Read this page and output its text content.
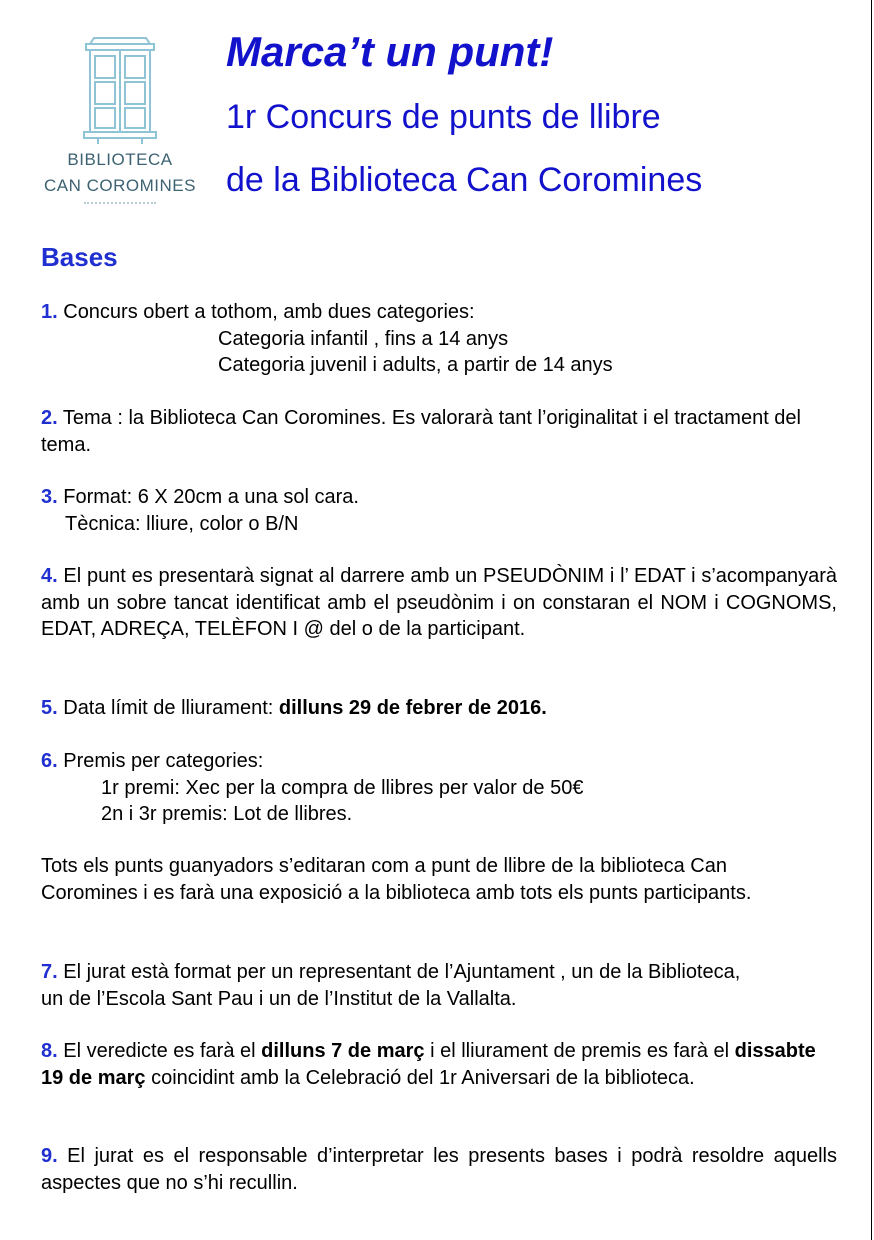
BIBLIOTECA
CAN COROMINES
Marca’t un punt!
1r Concurs de punts de llibre
de la Biblioteca Can Coromines
Bases

1. Concurs obert a tothom, amb dues categories:

Categoria infantil , fins a 14 anys

Categoria juvenil i adults, a partir de 14 anys

2. Tema : la Biblioteca Can Coromines. Es valorarà tant l’originalitat i el tractament del tema.

3. Format: 6 X 20cm a una sol cara.

Tècnica: lliure, color o B/N

4. El punt es presentarà signat al darrere amb un PSEUDÒNIM i l’ EDAT i s’acompanyarà amb un sobre tancat identificat amb el pseudònim i on constaran el NOM i COGNOMS, EDAT, ADREÇA, TELÈFON I @ del o de la participant.

5. Data límit de lliurament: dilluns 29 de febrer de 2016.

6. Premis per categories:

1r premi: Xec per la compra de llibres per valor de 50€

2n i 3r premis: Lot de llibres.

Tots els punts guanyadors s’editaran com a punt de llibre de la biblioteca Can Coromines i es farà una exposició a la biblioteca amb tots els punts participants.

7. El jurat està format per un representant de l’Ajuntament , un de la Biblioteca, un de l’Escola Sant Pau i un de l’Institut de la Vallalta.

8. El veredicte es farà el dilluns 7 de març i el lliurament de premis es farà el dissabte 19 de març coincidint amb la Celebració del 1r Aniversari de la biblioteca.

9. El jurat es el responsable d’interpretar les presents bases i podrà resoldre aquells aspectes que no s’hi recullin.
